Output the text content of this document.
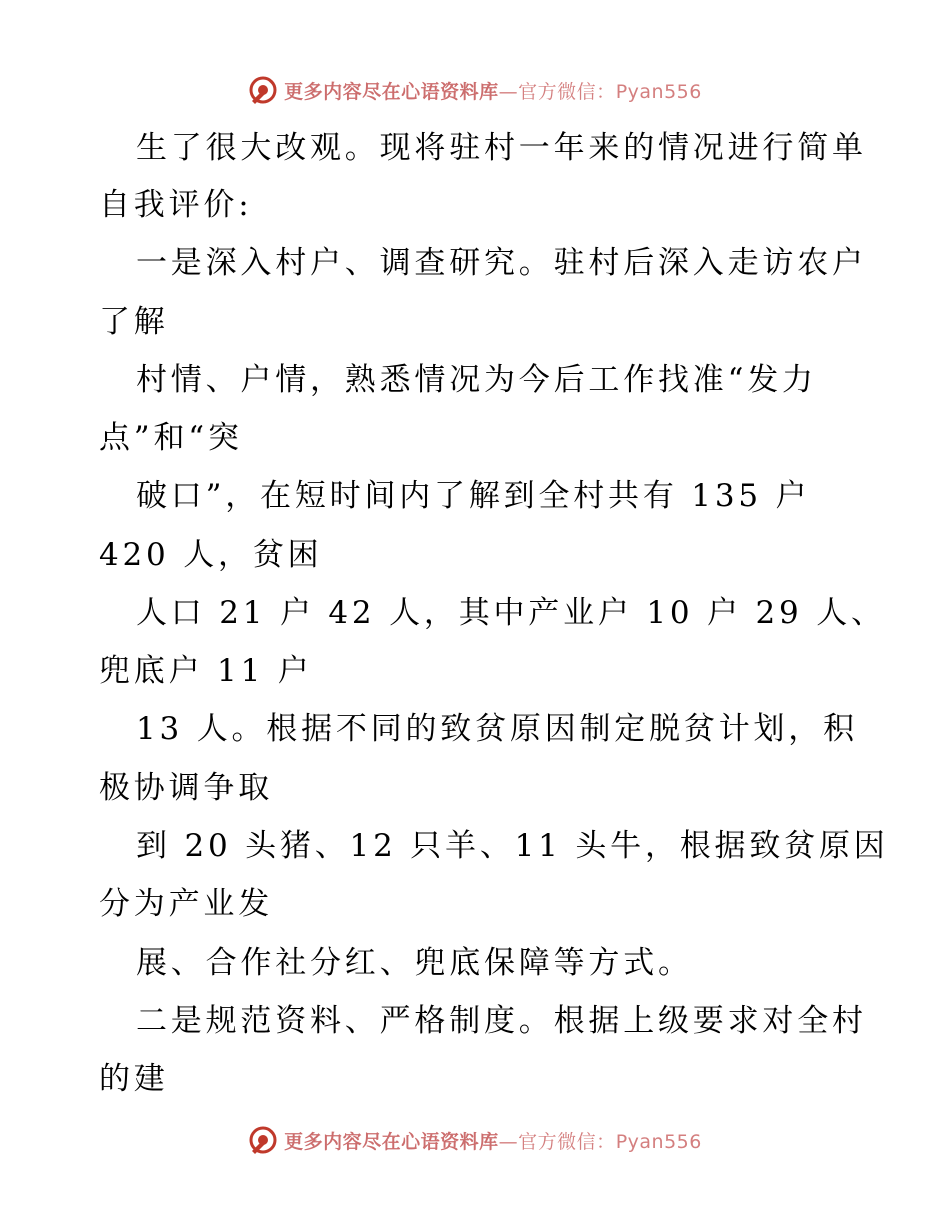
更多内容尽在心语资料库—官方微信：Pyan556
生了很大改观。现将驻村一年来的情况进行简单
自我评价:
一是深入村户、调查研究。驻村后深入走访农户
了解
村情、户情，熟悉情况为今后工作找准“发力
点”和“突
破口”，在短时间内了解到全村共有 135 户
420 人，贫困
人口 21 户 42 人，其中产业户 10 户 29 人、
兜底户 11 户
13 人。根据不同的致贫原因制定脱贫计划，积
极协调争取
到 20 头猪、12 只羊、11 头牛，根据致贫原因
分为产业发
展、合作社分红、兜底保障等方式。
二是规范资料、严格制度。根据上级要求对全村
的建
更多内容尽在心语资料库—官方微信：Pyan556
